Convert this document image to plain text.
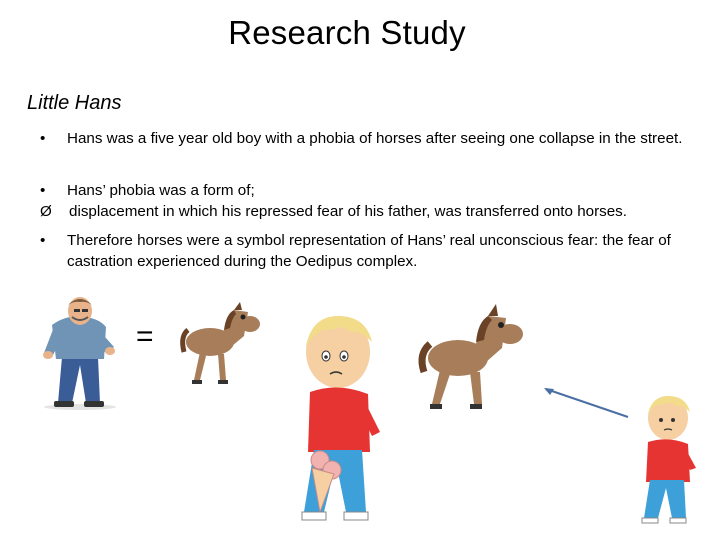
Research Study
Little Hans
• Hans was a five year old boy with a phobia of horses after seeing one collapse in the street.
• Hans’ phobia was a form of;
Ø displacement in which his repressed fear of his father, was transferred onto horses.
• Therefore horses were a symbol representation of Hans’ real unconscious fear: the fear of castration experienced during the Oedipus complex.
=
